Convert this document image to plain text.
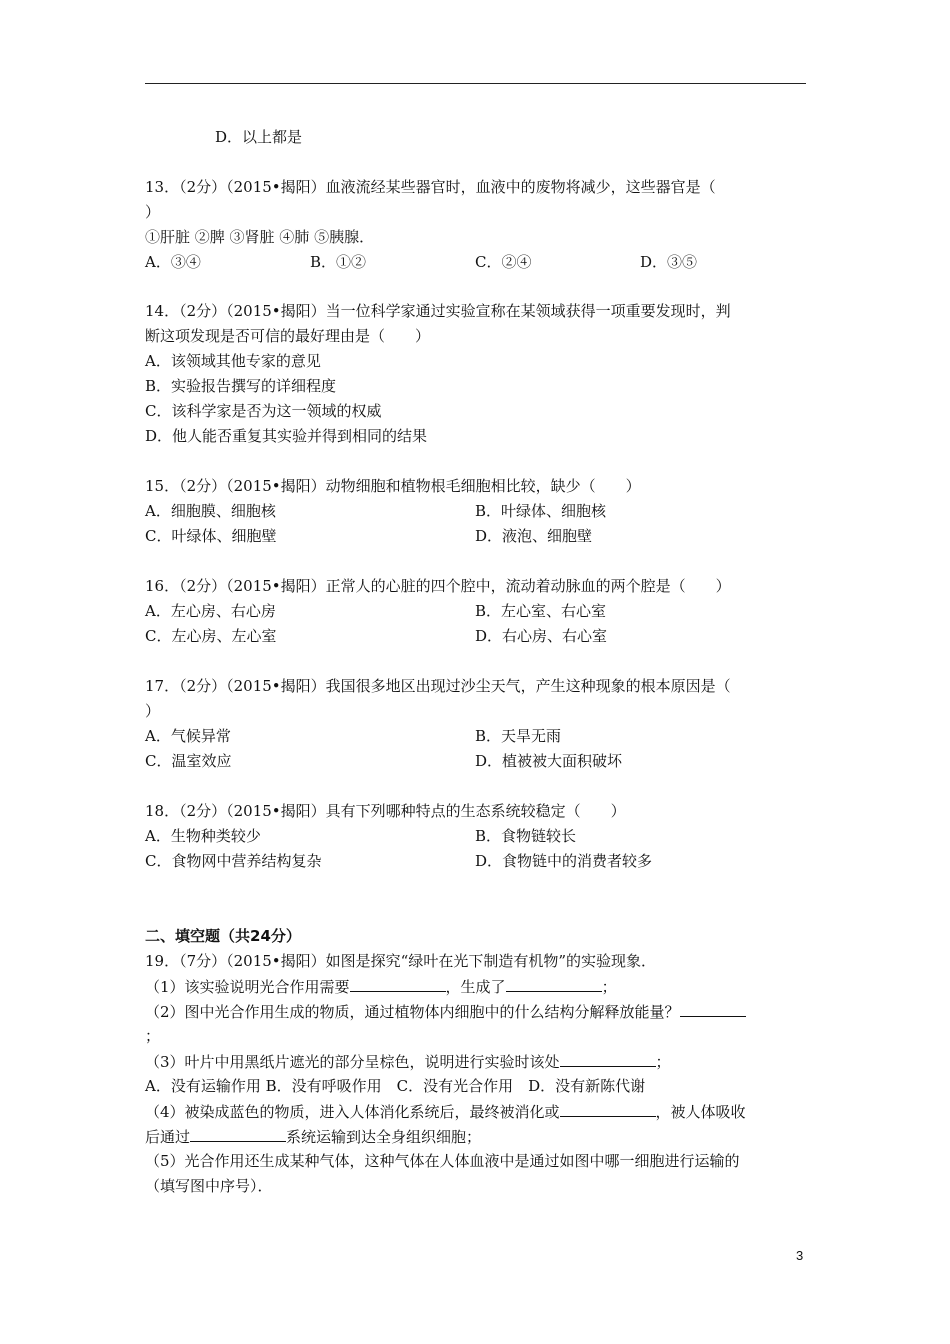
D．以上都是
13．（2分）（2015•揭阳）血液流经某些器官时，血液中的废物将减少，这些器官是（
）
①肝脏 ②脾 ③肾脏 ④肺 ⑤胰腺．
A．③④	B．①②	C．②④	D．③⑤
14．（2分）（2015•揭阳）当一位科学家通过实验宣称在某领域获得一项重要发现时，判
断这项发现是否可信的最好理由是（　　）
A．该领域其他专家的意见
B．实验报告撰写的详细程度
C．该科学家是否为这一领域的权威
D．他人能否重复其实验并得到相同的结果
15．（2分）（2015•揭阳）动物细胞和植物根毛细胞相比较，缺少（　　）
A．细胞膜、细胞核	B．叶绿体、细胞核
C．叶绿体、细胞壁	D．液泡、细胞壁
16．（2分）（2015•揭阳）正常人的心脏的四个腔中，流动着动脉血的两个腔是（　　）
A．左心房、右心房	B．左心室、右心室
C．左心房、左心室	D．右心房、右心室
17．（2分）（2015•揭阳）我国很多地区出现过沙尘天气，产生这种现象的根本原因是（
）
A．气候异常	B．天旱无雨
C．温室效应	D．植被被大面积破坏
18．（2分）（2015•揭阳）具有下列哪种特点的生态系统较稳定（　　）
A．生物种类较少	B．食物链较长
C．食物网中营养结构复杂	D．食物链中的消费者较多
二、填空题（共24分）
19．（7分）（2015•揭阳）如图是探究“绿叶在光下制造有机物”的实验现象．
（1）该实验说明光合作用需要	，生成了	；
（2）图中光合作用生成的物质，通过植物体内细胞中的什么结构分解释放能量？
；
（3）叶片中用黑纸片遮光的部分呈棕色，说明进行实验时该处	；
A．没有运输作用 B．没有呼吸作用　C．没有光合作用　D．没有新陈代谢
（4）被染成蓝色的物质，进入人体消化系统后，最终被消化或	，被人体吸收
后通过	系统运输到达全身组织细胞；
（5）光合作用还生成某种气体，这种气体在人体血液中是通过如图中哪一细胞进行运输的
（填写图中序号）．
3
